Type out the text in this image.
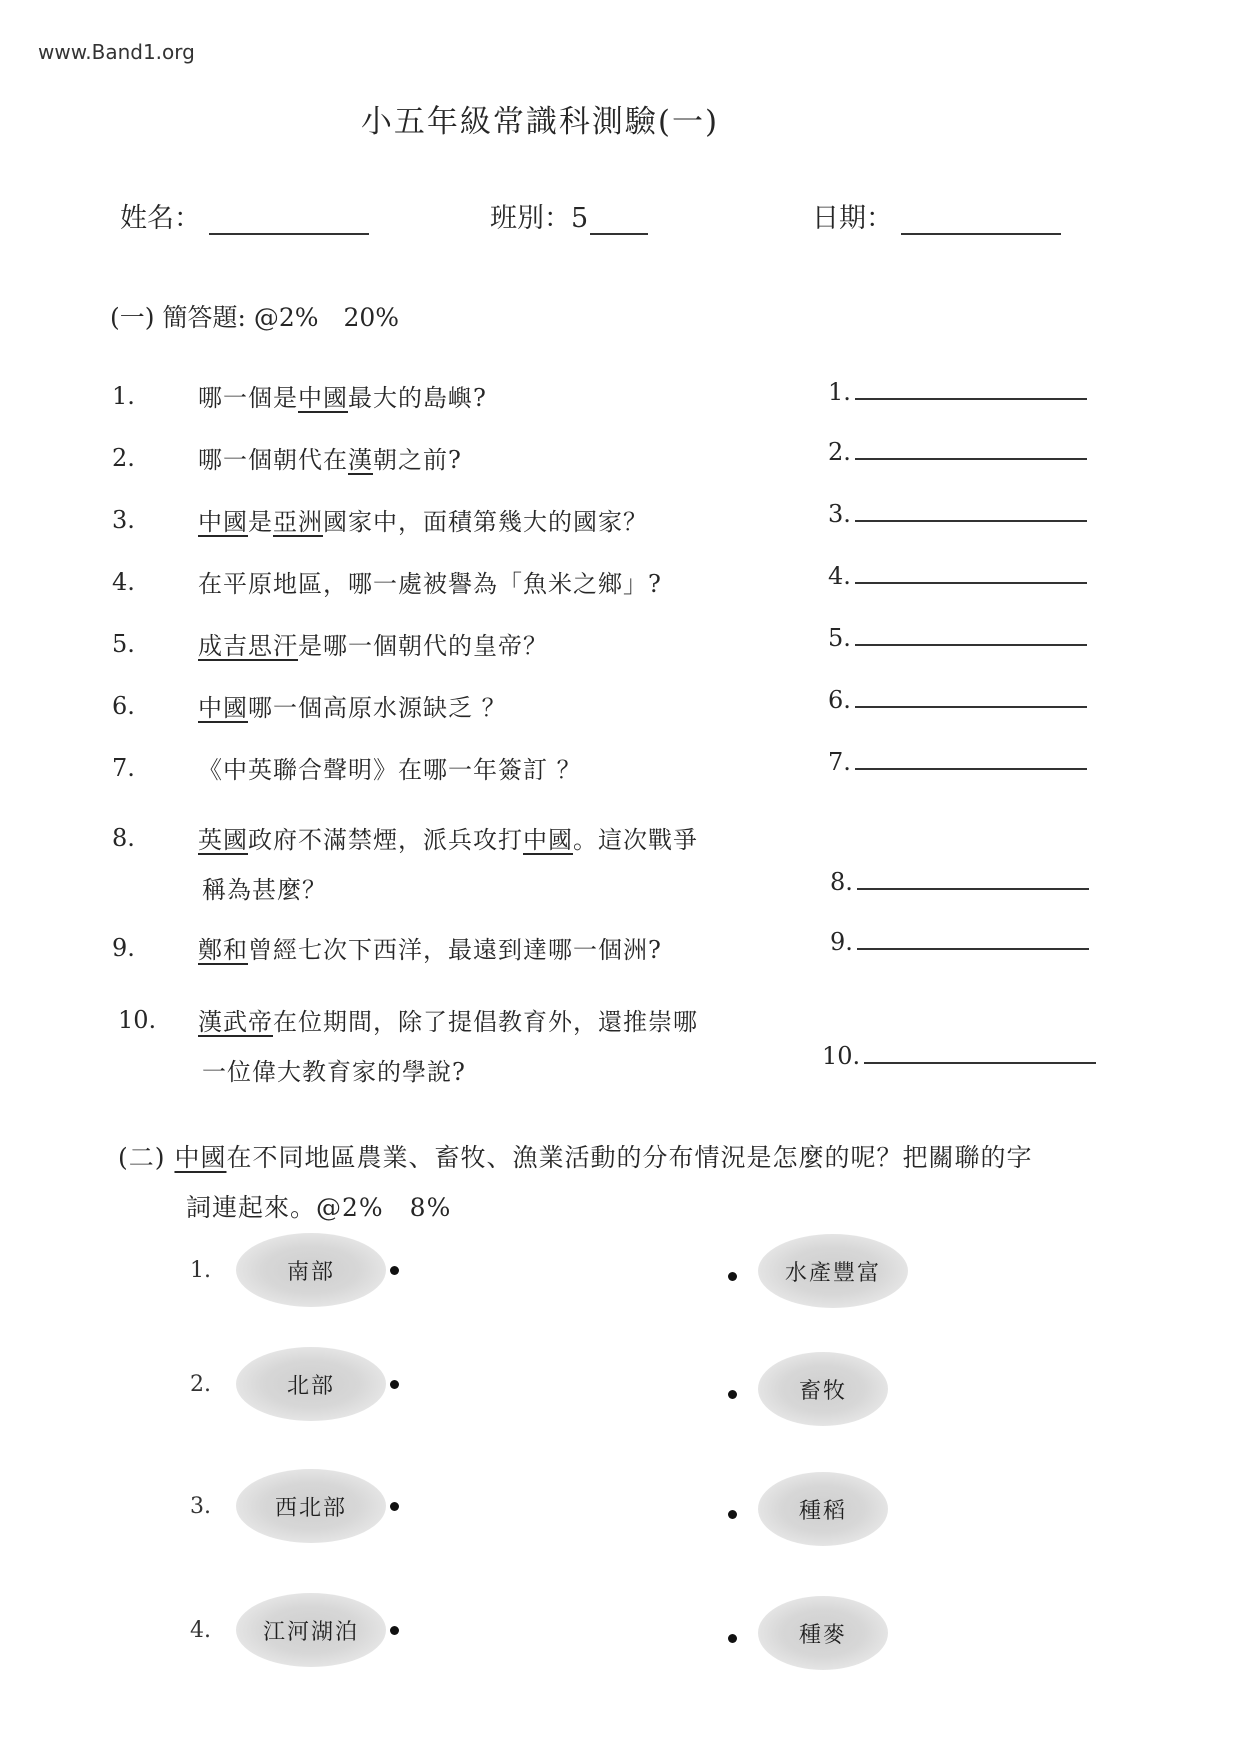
www.Band1.org
小五年級常識科測驗(一)
姓名：	班別：5	日期：
(一) 簡答題: @2%　20%
1.	哪一個是中國最大的島嶼?	1.
2.	哪一個朝代在漢朝之前?	2.
3.	中國是亞洲國家中，面積第幾大的國家？	3.
4.	在平原地區，哪一處被譽為「魚米之鄉」?	4.
5.	成吉思汗是哪一個朝代的皇帝？	5.
6.	中國哪一個高原水源缺乏 ？	6.
7.	《中英聯合聲明》在哪一年簽訂 ？	7.
8.	英國政府不滿禁煙，派兵攻打中國。這次戰爭
稱為甚麼？	8.
9.	鄭和曾經七次下西洋，最遠到達哪一個洲?	9.
10. 漢武帝在位期間，除了提倡教育外，還推崇哪
一位偉大教育家的學說?
10.
(二) 中國在不同地區農業、畜牧、漁業活動的分布情況是怎麼的呢？把關聯的字
詞連起來。@2%　8%
1.	南部
2.	北部
3.	西北部
4.	江河湖泊
水產豐富
畜牧
種稻
種麥
